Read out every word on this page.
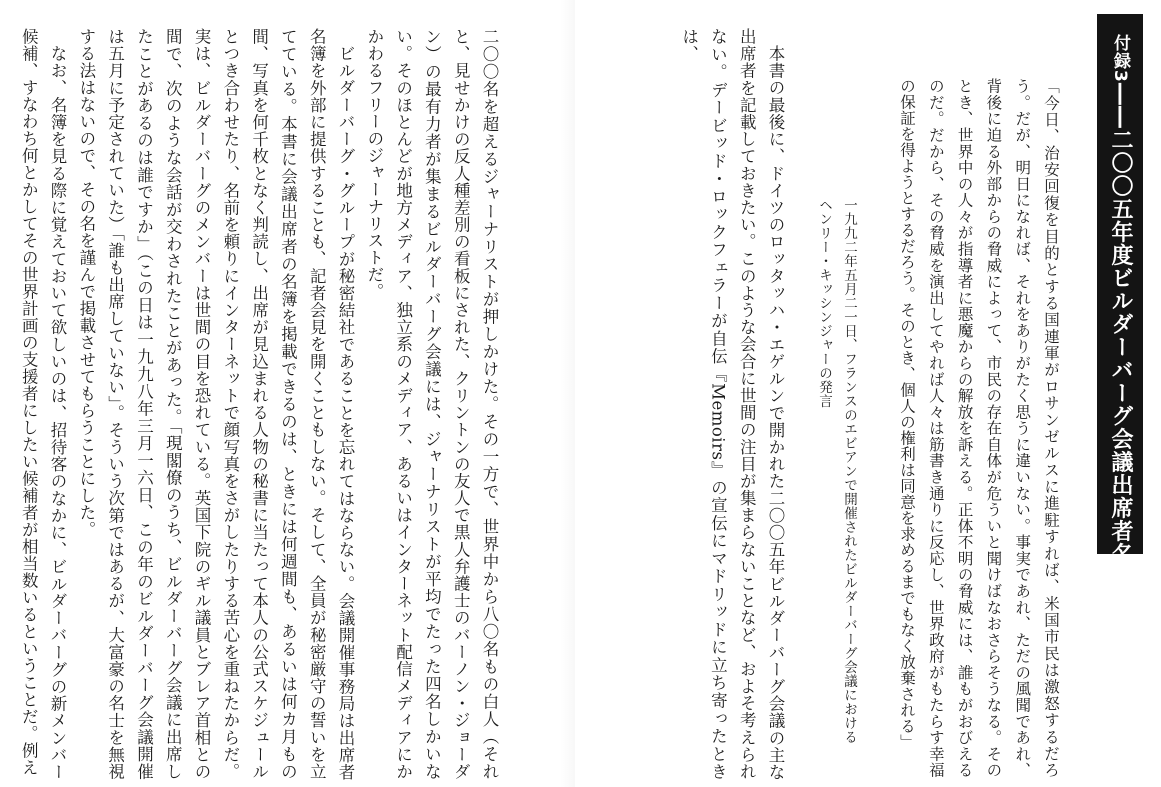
二〇〇名を超えるジャーナリストが押しかけた。その一方で、世界中から八〇名もの白人（それと、見せかけの反人種差別の看板にされた、クリントンの友人で黒人弁護士のバーノン・ジョーダン）の最有力者が集まるビルダーバーグ会議には、ジャーナリストが平均でたった四名しかいない。そのほとんどが地方メディア、独立系のメディア、あるいはインターネット配信メディアにかかわるフリーのジャーナリストだ。

ビルダーバーグ・グループが秘密結社であることを忘れてはならない。会議開催事務局は出席者名簿を外部に提供することも、記者会見を開くこともしない。そして、全員が秘密厳守の誓いを立てている。本書に会議出席者の名簿を掲載できるのは、ときには何週間も、あるいは何カ月もの間、写真を何千枚となく判読し、出席が見込まれる人物の秘書に当たって本人の公式スケジュールとつき合わせたり、名前を頼りにインターネットで顔写真をさがしたりする苦心を重ねたからだ。実は、ビルダーバーグのメンバーは世間の目を恐れている。英国下院のギル議員とブレア首相との間で、次のような会話が交わされたことがあった。「現閣僚のうち、ビルダーバーグ会議に出席したことがあるのは誰ですか」（この日は一九九八年三月一六日、この年のビルダーバーグ会議開催は五月に予定されていた）「誰も出席していない」。そういう次第ではあるが、大富豪の名士を無視する法はないので、その名を謹んで掲載させてもらうことにした。

なお、名簿を見る際に覚えておいて欲しいのは、招待客のなかに、ビルダーバーグの新メンバー候補、すなわち何とかしてその世界計画の支援者にしたい候補者が相当数いるということだ。例え	付録3――二〇〇五年度ビルダーバーグ会議出席者名簿

「今日、治安回復を目的とする国連軍がロサンゼルスに進駐すれば、米国市民は激怒するだろう。だが、明日になれば、それをありがたく思うに違いない。事実であれ、ただの風聞であれ、背後に迫る外部からの脅威によって、市民の存在自体が危ういと聞けばなおさらそうなる。そのとき、世界中の人々が指導者に悪魔からの解放を訴える。正体不明の脅威には、誰もがおびえるのだ。だから、その脅威を演出してやれば人々は筋書き通りに反応し、世界政府がもたらす幸福の保証を得ようとするだろう。そのとき、個人の権利は同意を求めるまでもなく放棄される」

一九九二年五月二一日、フランスのエビアンで開催されたビルダーバーグ会議における
ヘンリー・キッシンジャーの発言

本書の最後に、ドイツのロッタッハ・エゲルンで開かれた二〇〇五年ビルダーバーグ会議の主な出席者を記載しておきたい。このような会合に世間の注目が集まらないことなど、およそ考えられない。デービッド・ロックフェラーが自伝『Memoirs』の宣伝にマドリッドに立ち寄ったときは、
